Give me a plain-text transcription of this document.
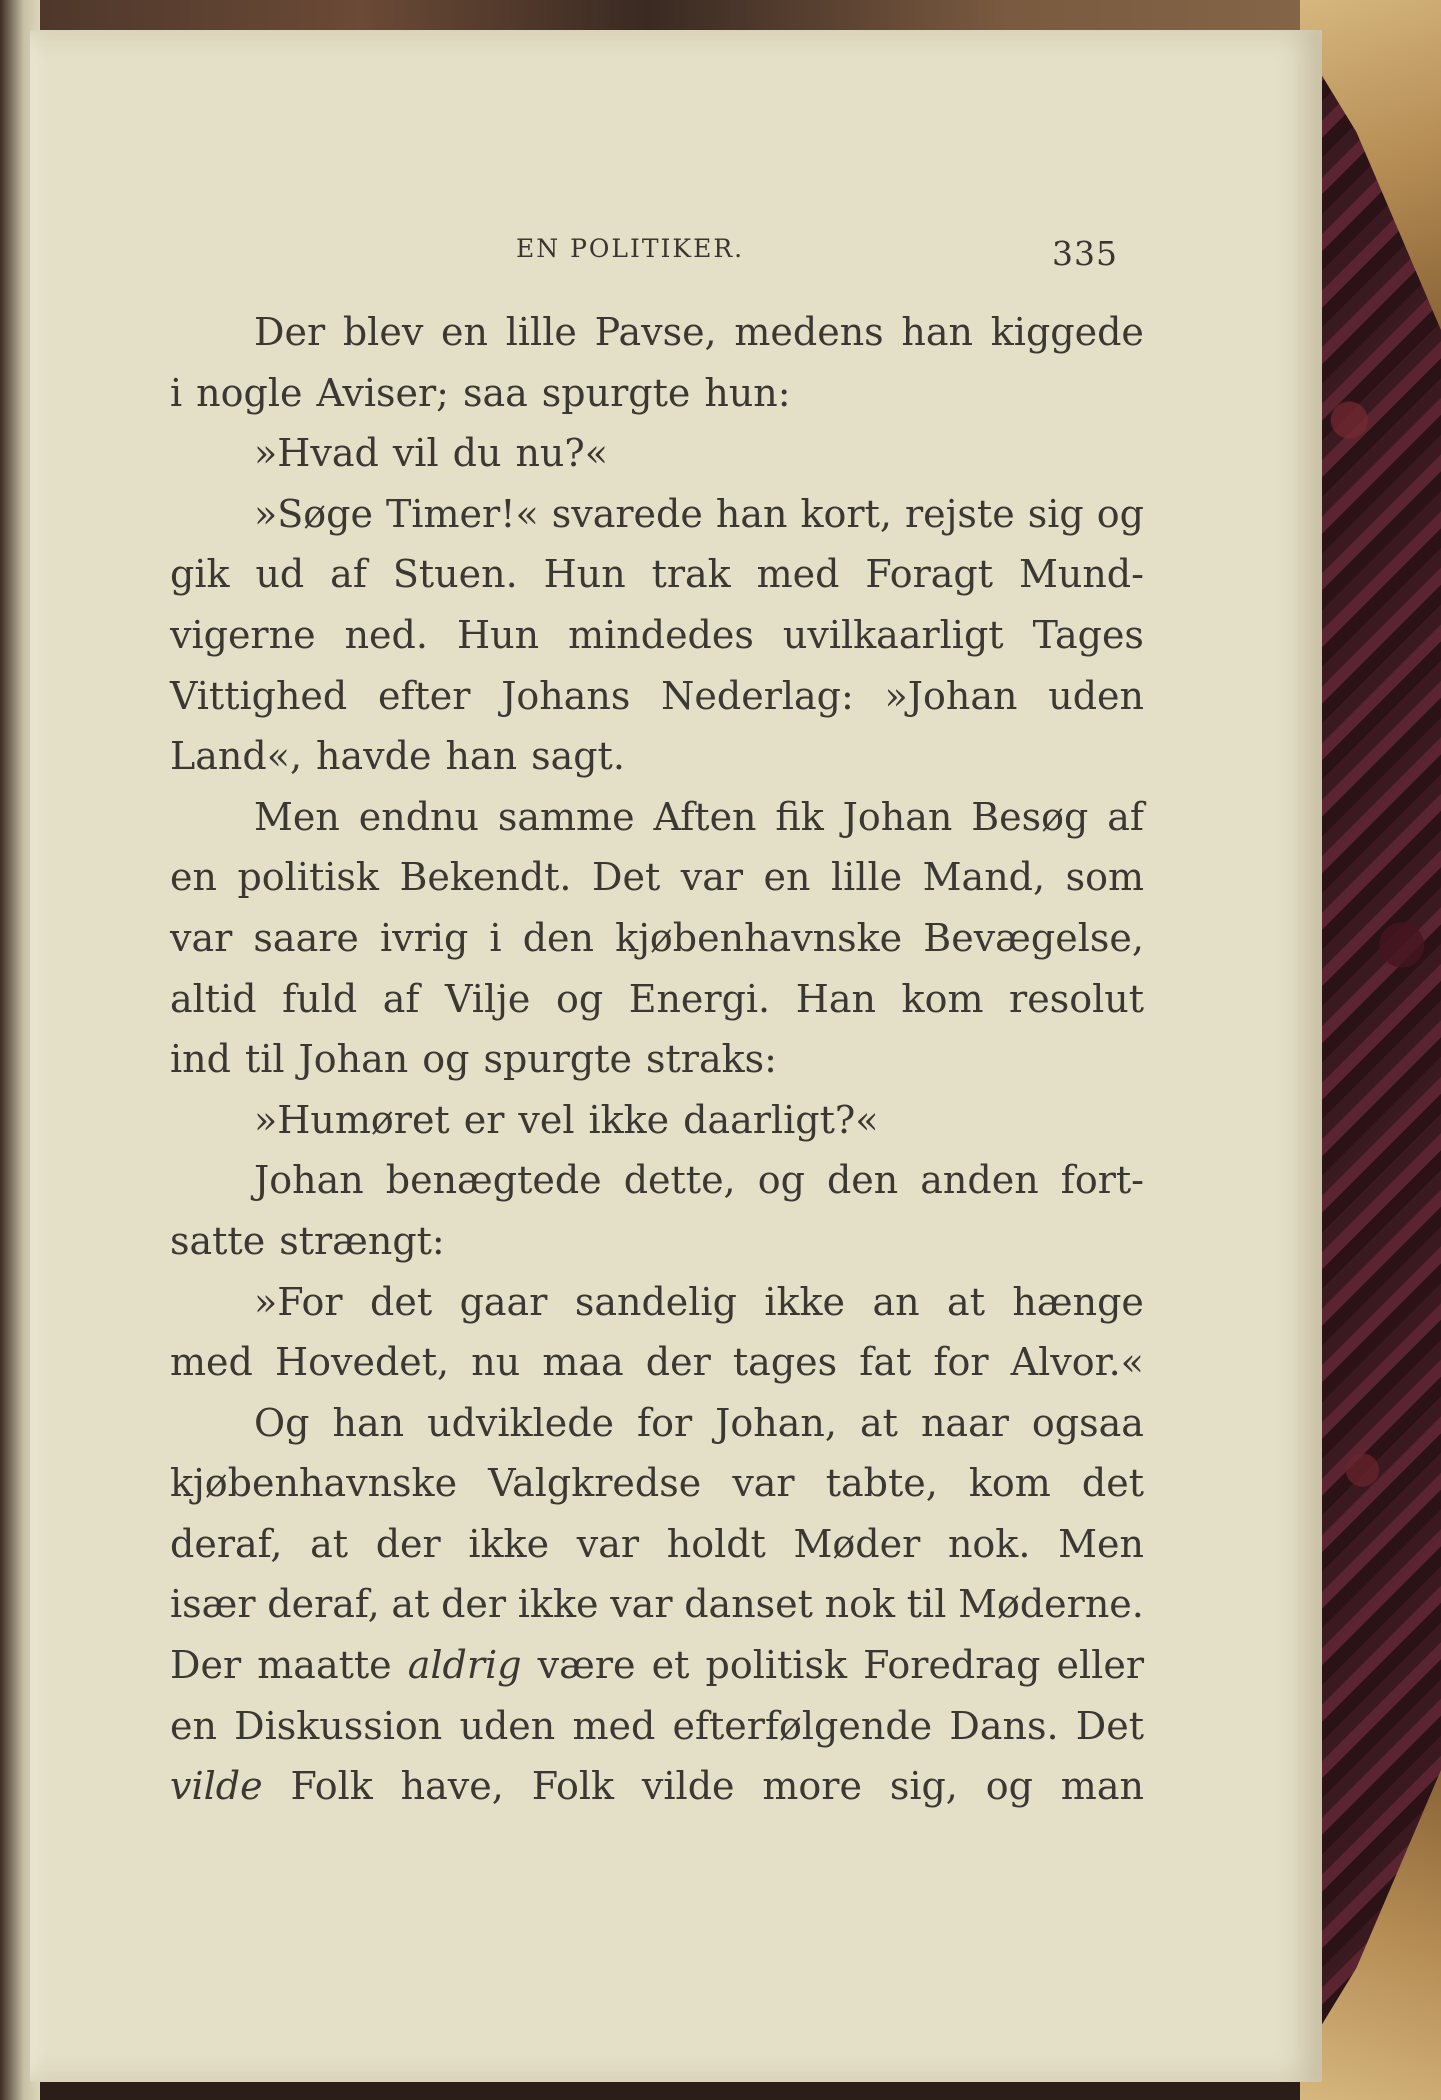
EN POLITIKER.	335
Der blev en lille Pavse, medens han kiggede
i nogle Aviser; saa spurgte hun:
»Hvad vil du nu?«
»Søge Timer!« svarede han kort, rejste sig og
gik ud af Stuen. Hun trak med Foragt Mund-
vigerne ned. Hun mindedes uvilkaarligt Tages
Vittighed efter Johans Nederlag: »Johan uden
Land«, havde han sagt.
Men endnu samme Aften fik Johan Besøg af
en politisk Bekendt. Det var en lille Mand, som
var saare ivrig i den kjøbenhavnske Bevægelse,
altid fuld af Vilje og Energi. Han kom resolut
ind til Johan og spurgte straks:
»Humøret er vel ikke daarligt?«
Johan benægtede dette, og den anden fort-
satte strængt:
»For det gaar sandelig ikke an at hænge
med Hovedet, nu maa der tages fat for Alvor.«
Og han udviklede for Johan, at naar ogsaa
kjøbenhavnske Valgkredse var tabte, kom det
deraf, at der ikke var holdt Møder nok. Men
især deraf, at der ikke var danset nok til Møderne.
Der maatte aldrig være et politisk Foredrag eller
en Diskussion uden med efterfølgende Dans. Det
vilde Folk have, Folk vilde more sig, og man
